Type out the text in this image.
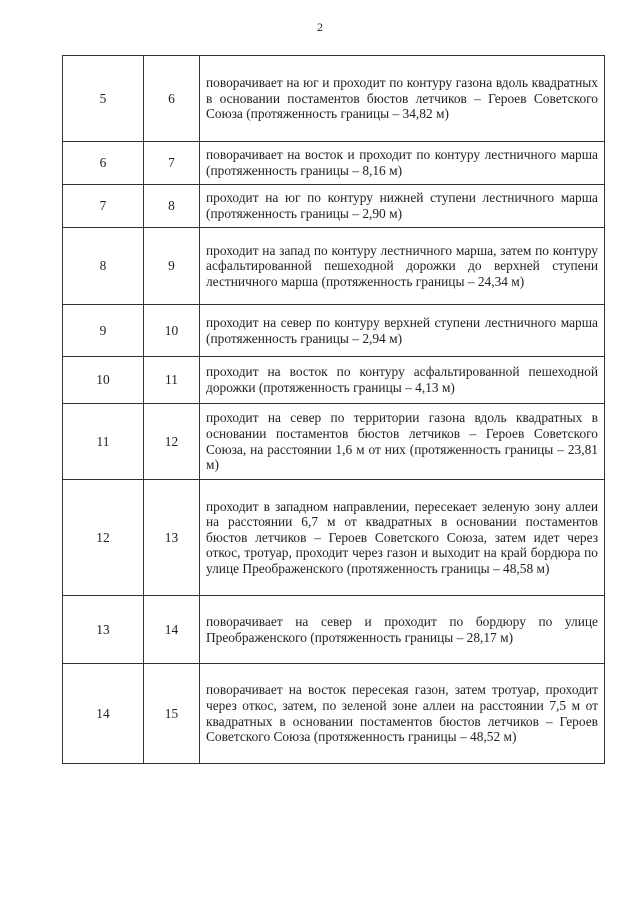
2
5	6	поворачивает на юг и проходит по контуру газона вдоль квадратных в основании постаментов бюстов летчиков – Героев Советского Союза (протяженность границы – 34,82 м)

6	7	поворачивает на восток и проходит по контуру лестничного марша (протяженность границы – 8,16 м)

7	8	проходит на юг по контуру нижней ступени лестничного марша (протяженность границы – 2,90 м)

8	9	проходит на запад по контуру лестничного марша, затем по контуру асфальтированной пешеходной дорожки до верхней ступени лестничного марша (протяженность границы – 24,34 м)

9	10	проходит на север по контуру верхней ступени лестничного марша (протяженность границы – 2,94 м)

10	11	проходит на восток по контуру асфальтированной пешеходной дорожки (протяженность границы – 4,13 м)

11	12	проходит на север по территории газона вдоль квадратных в основании постаментов бюстов летчиков – Героев Советского Союза, на расстоянии 1,6 м от них (протяженность границы – 23,81 м)

12	13	проходит в западном направлении, пересекает зеленую зону аллеи на расстоянии 6,7 м от квадратных в основании постаментов бюстов летчиков – Героев Советского Союза, затем идет через откос, тротуар, проходит через газон и выходит на край бордюра по улице Преображенского (протяженность границы – 48,58 м)

13	14	поворачивает на север и проходит по бордюру по улице Преображенского (протяженность границы – 28,17 м)

14	15	поворачивает на восток пересекая газон, затем тротуар, проходит через откос, затем, по зеленой зоне аллеи на расстоянии 7,5 м от квадратных в основании постаментов бюстов летчиков – Героев Советского Союза (протяженность границы – 48,52 м)
